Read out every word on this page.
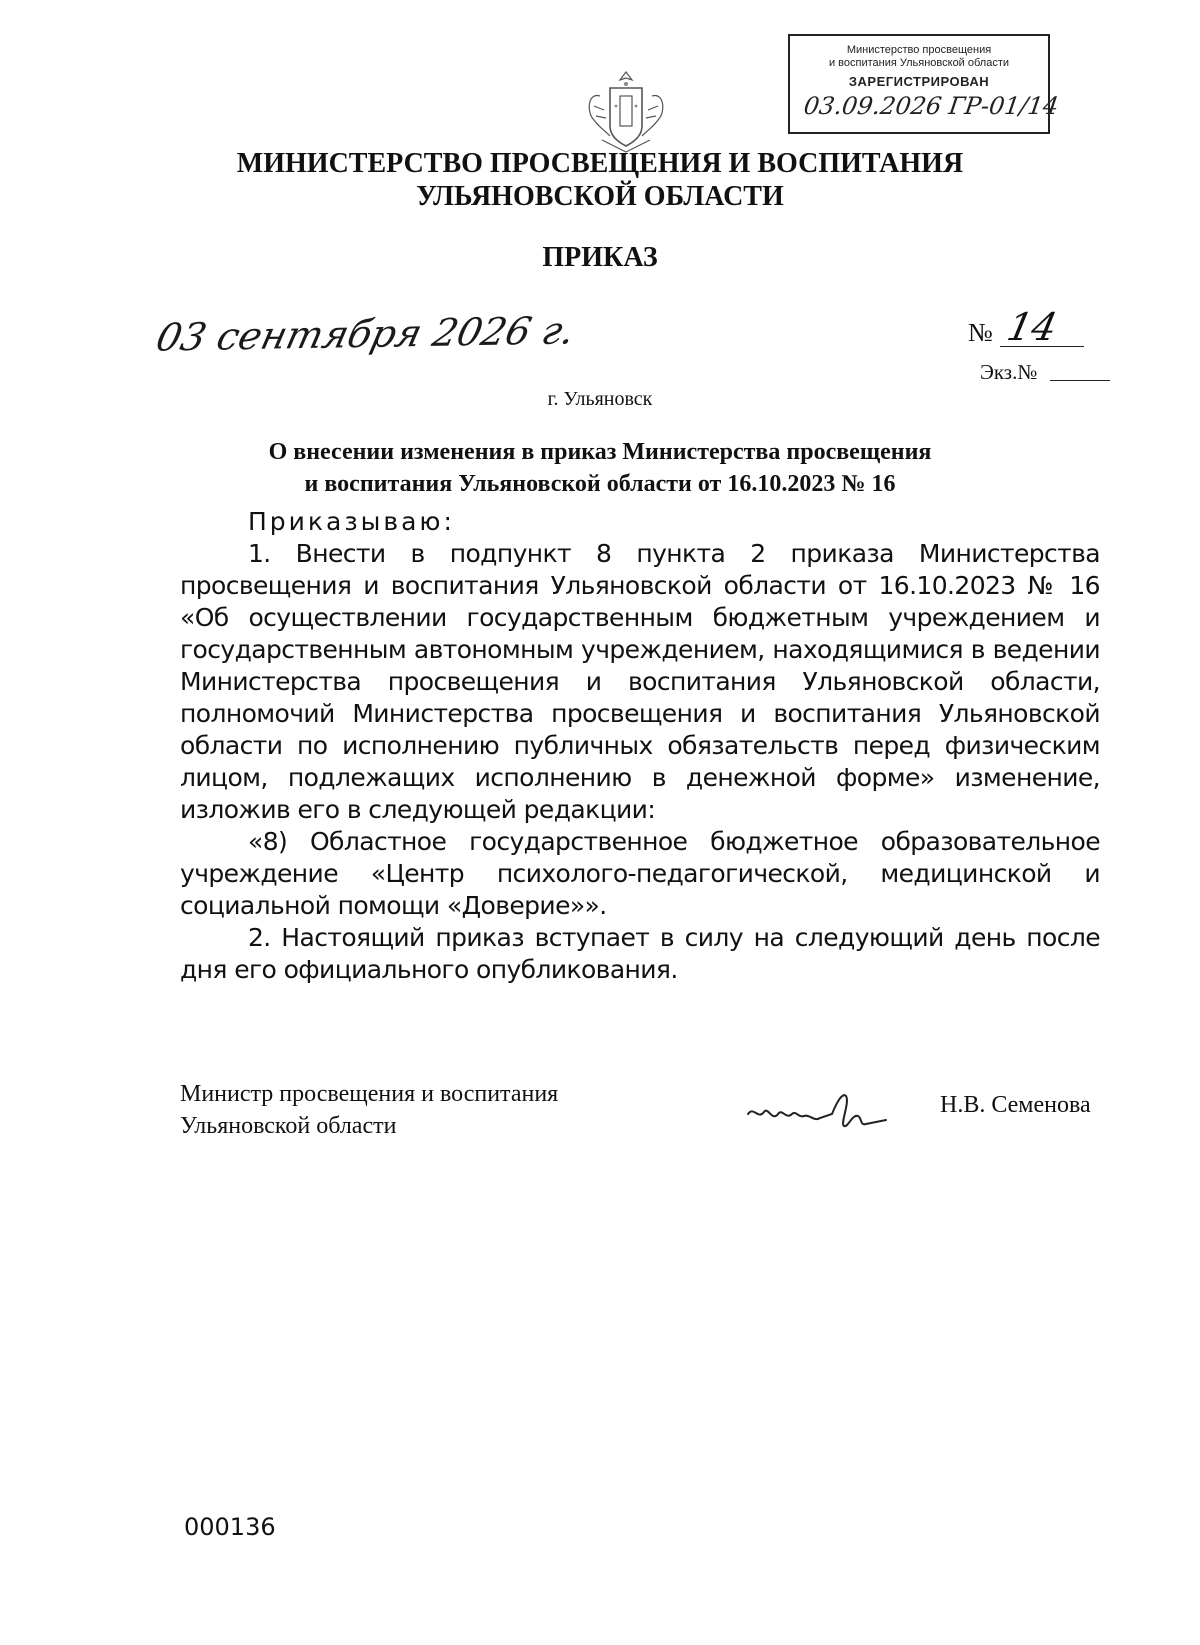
Министерство просвещения
и воспитания Ульяновской области
ЗАРЕГИСТРИРОВАН
03.09.2026 ГР-01/14
МИНИСТЕРСТВО ПРОСВЕЩЕНИЯ И ВОСПИТАНИЯ
УЛЬЯНОВСКОЙ ОБЛАСТИ
ПРИКАЗ
03 сентября 2026 г.	№ 14
Экз.№
г. Ульяновск
О внесении изменения в приказ Министерства просвещения
и воспитания Ульяновской области от 16.10.2023 № 16

Приказываю:

1. Внести в подпункт 8 пункта 2 приказа Министерства просвещения и воспитания Ульяновской области от 16.10.2023 № 16 «Об осуществлении государственным бюджетным учреждением и государственным автономным учреждением, находящимися в ведении Министерства просвещения и воспитания Ульяновской области, полномочий Министерства просвещения и воспитания Ульяновской области по исполнению публичных обязательств перед физическим лицом, подлежащих исполнению в денежной форме» изменение, изложив его в следующей редакции:

«8) Областное государственное бюджетное образовательное учреждение «Центр психолого-педагогической, медицинской и социальной помощи «Доверие»».

2. Настоящий приказ вступает в силу на следующий день после дня его официального опубликования.

Министр просвещения и воспитания
Ульяновской области
Н.В. Семенова
000136
